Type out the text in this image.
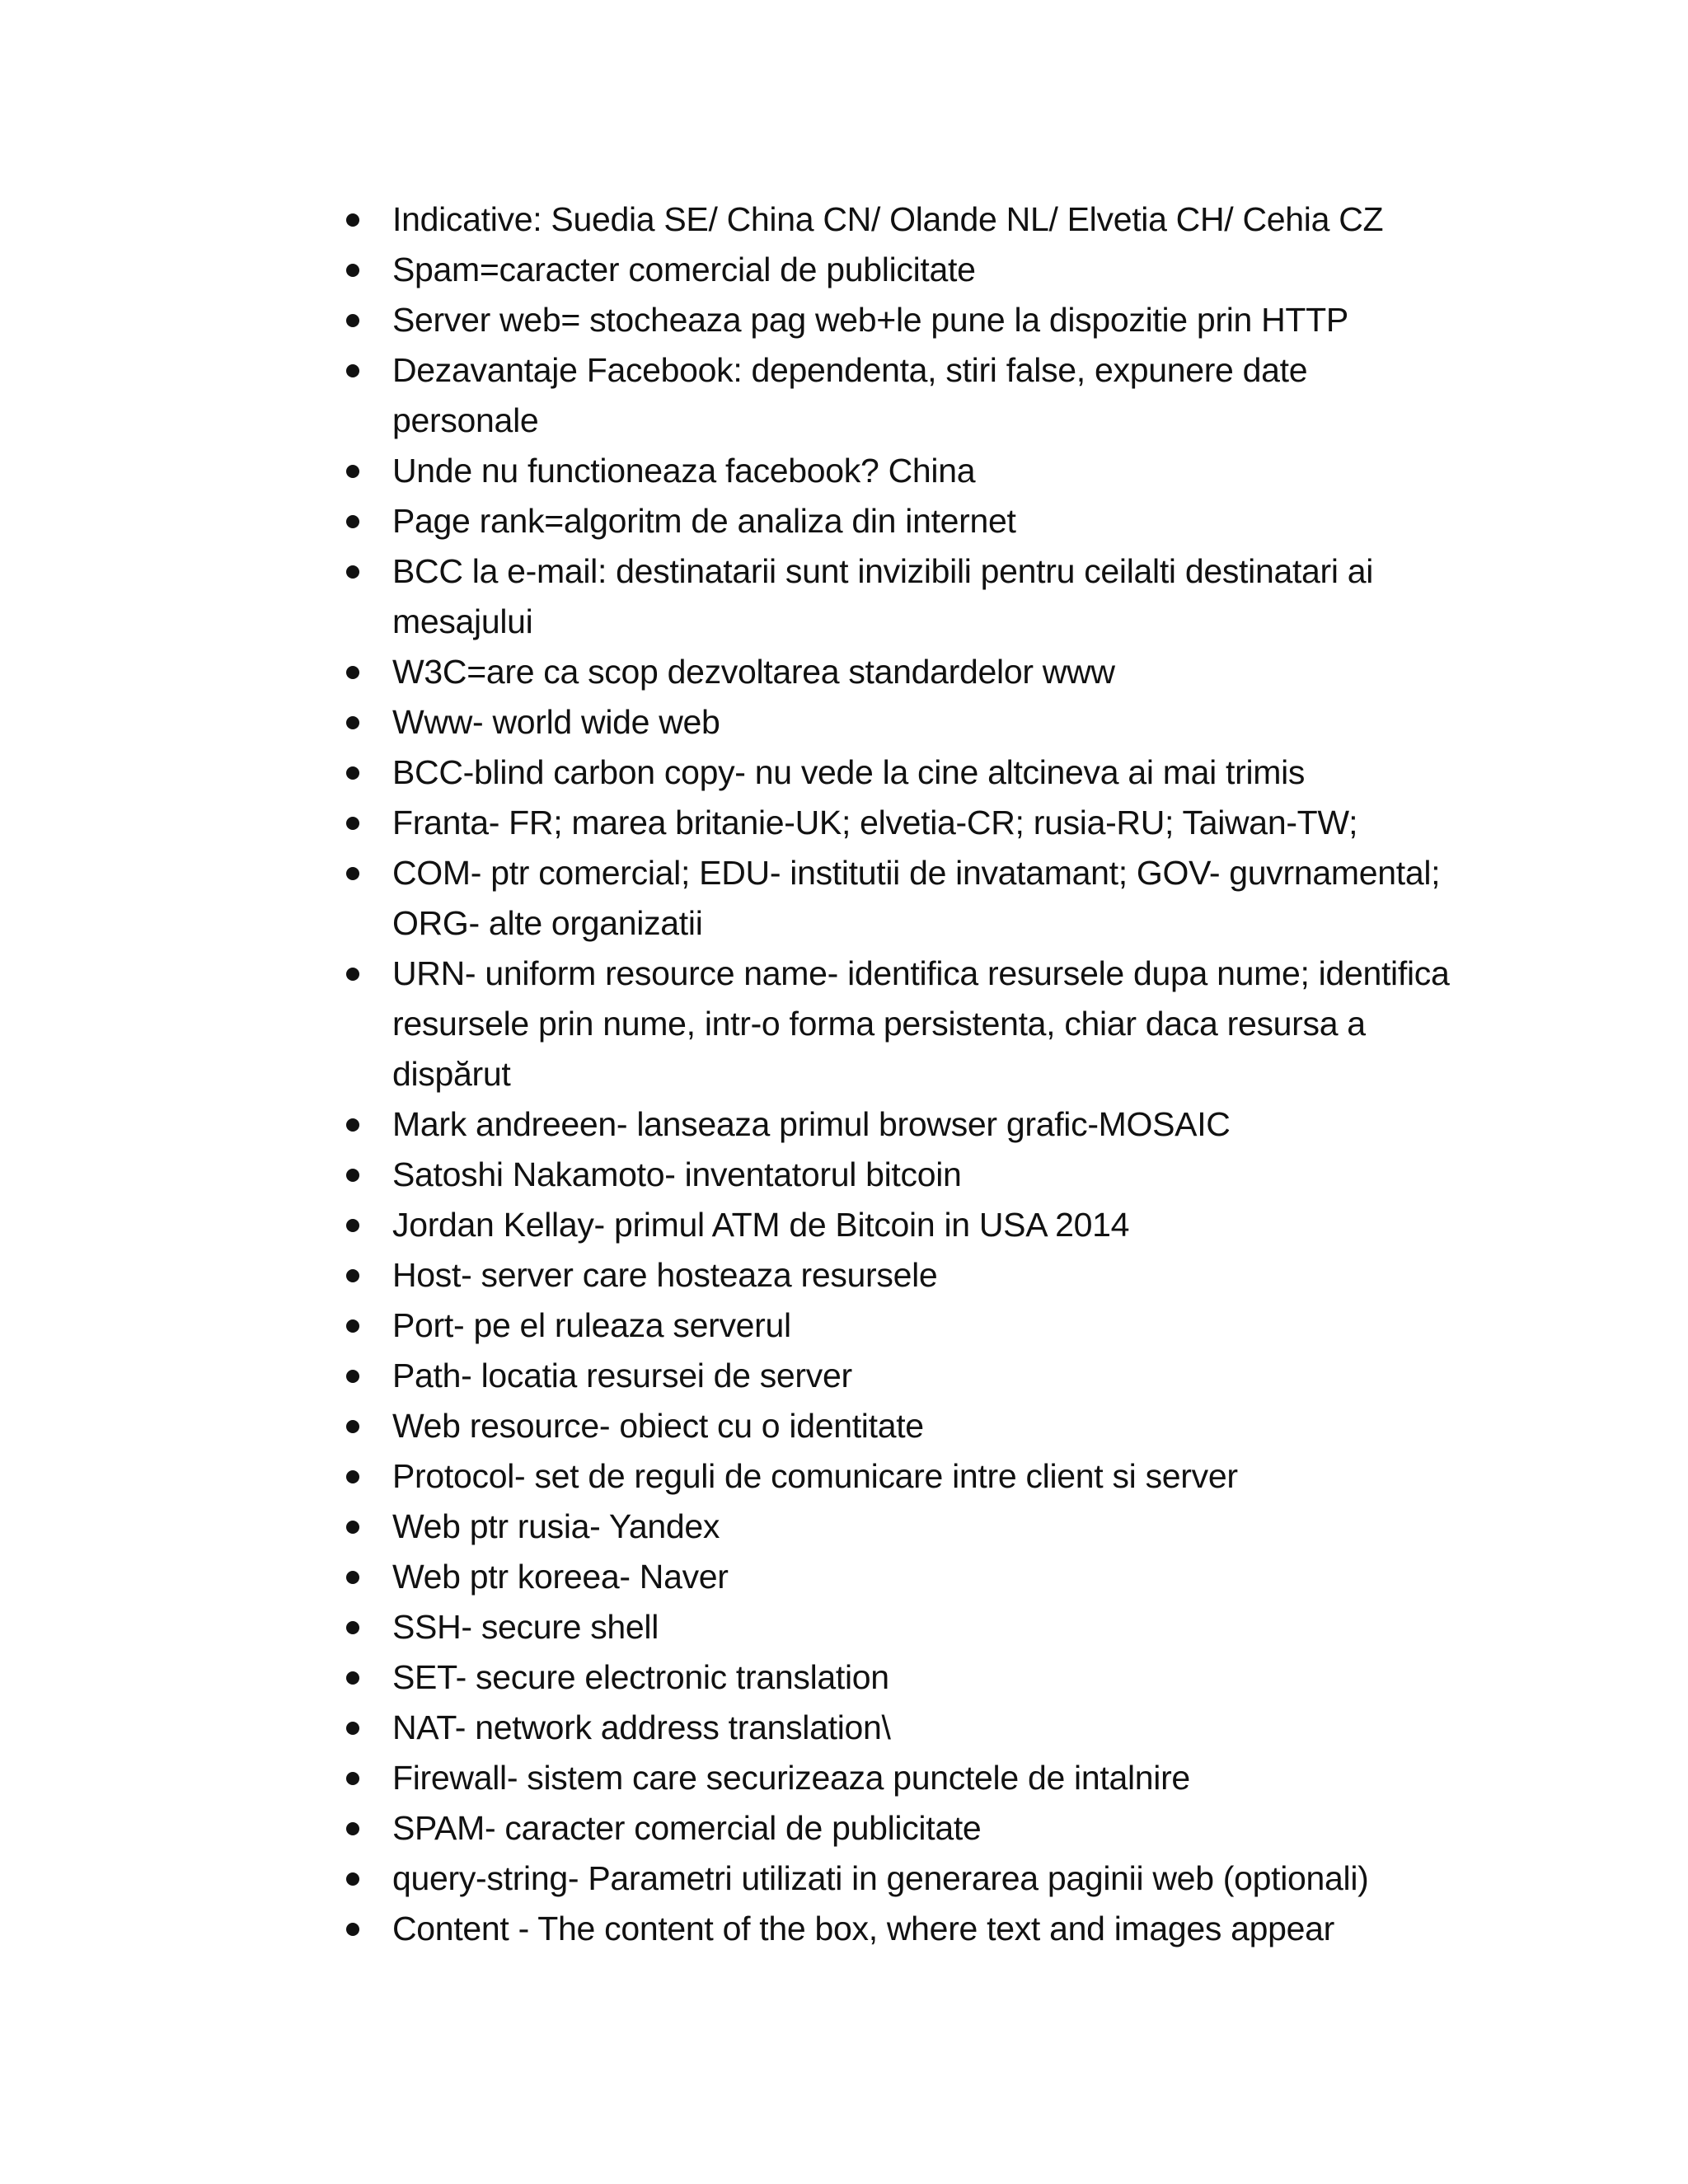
Indicative: Suedia SE/ China CN/ Olande NL/ Elvetia CH/ Cehia CZ
Spam=caracter comercial de publicitate
Server web= stocheaza pag web+le pune la dispozitie prin HTTP
Dezavantaje Facebook: dependenta, stiri false, expunere date personale
Unde nu functioneaza facebook? China
Page rank=algoritm de analiza din internet
BCC la e-mail: destinatarii sunt invizibili pentru ceilalti destinatari ai mesajului
W3C=are ca scop dezvoltarea standardelor www
Www- world wide web
BCC-blind carbon copy- nu vede la cine altcineva ai mai trimis
Franta- FR; marea britanie-UK; elvetia-CR; rusia-RU; Taiwan-TW;
COM- ptr comercial; EDU- institutii de invatamant; GOV- guvrnamental; ORG- alte organizatii
URN- uniform resource name- identifica resursele dupa nume; identifica resursele prin nume, intr-o forma persistenta, chiar daca resursa a dispărut
Mark andreeen- lanseaza primul browser grafic-MOSAIC
Satoshi Nakamoto- inventatorul bitcoin
Jordan Kellay- primul ATM de Bitcoin in USA 2014
Host- server care hosteaza resursele
Port- pe el ruleaza serverul
Path- locatia resursei de server
Web resource- obiect cu o identitate
Protocol- set de reguli de comunicare intre client si server
Web ptr rusia- Yandex
Web ptr koreea- Naver
SSH- secure shell
SET- secure electronic translation
NAT- network address translation\
Firewall- sistem care securizeaza punctele de intalnire
SPAM- caracter comercial de publicitate
query-string- Parametri utilizati in generarea paginii web (optionali)
Content - The content of the box, where text and images appear
